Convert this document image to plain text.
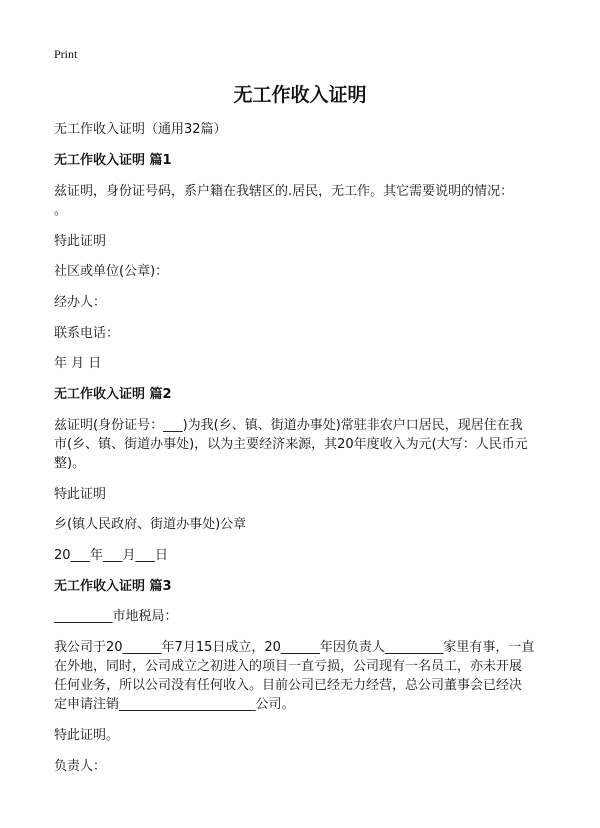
Print
无工作收入证明
无工作收入证明（通用32篇）
无工作收入证明 篇1
兹证明，身份证号码，系户籍在我辖区的.居民，无工作。其它需要说明的情况：
。
特此证明
社区或单位(公章)：
经办人：
联系电话：
年 月 日
无工作收入证明 篇2
兹证明(身份证号：___)为我(乡、镇、街道办事处)常驻非农户口居民，现居住在我
市(乡、镇、街道办事处)，以为主要经济来源，其20年度收入为元(大写：人民币元
整)。
特此证明
乡(镇人民政府、街道办事处)公章
20___年___月___日
无工作收入证明 篇3
_________市地税局：
我公司于20______年7月15日成立，20______年因负责人_________家里有事，一直
在外地，同时，公司成立之初进入的项目一直亏损，公司现有一名员工，亦未开展
任何业务，所以公司没有任何收入。目前公司已经无力经营，总公司董事会已经决
定申请注销_____________________公司。
特此证明。
负责人：
